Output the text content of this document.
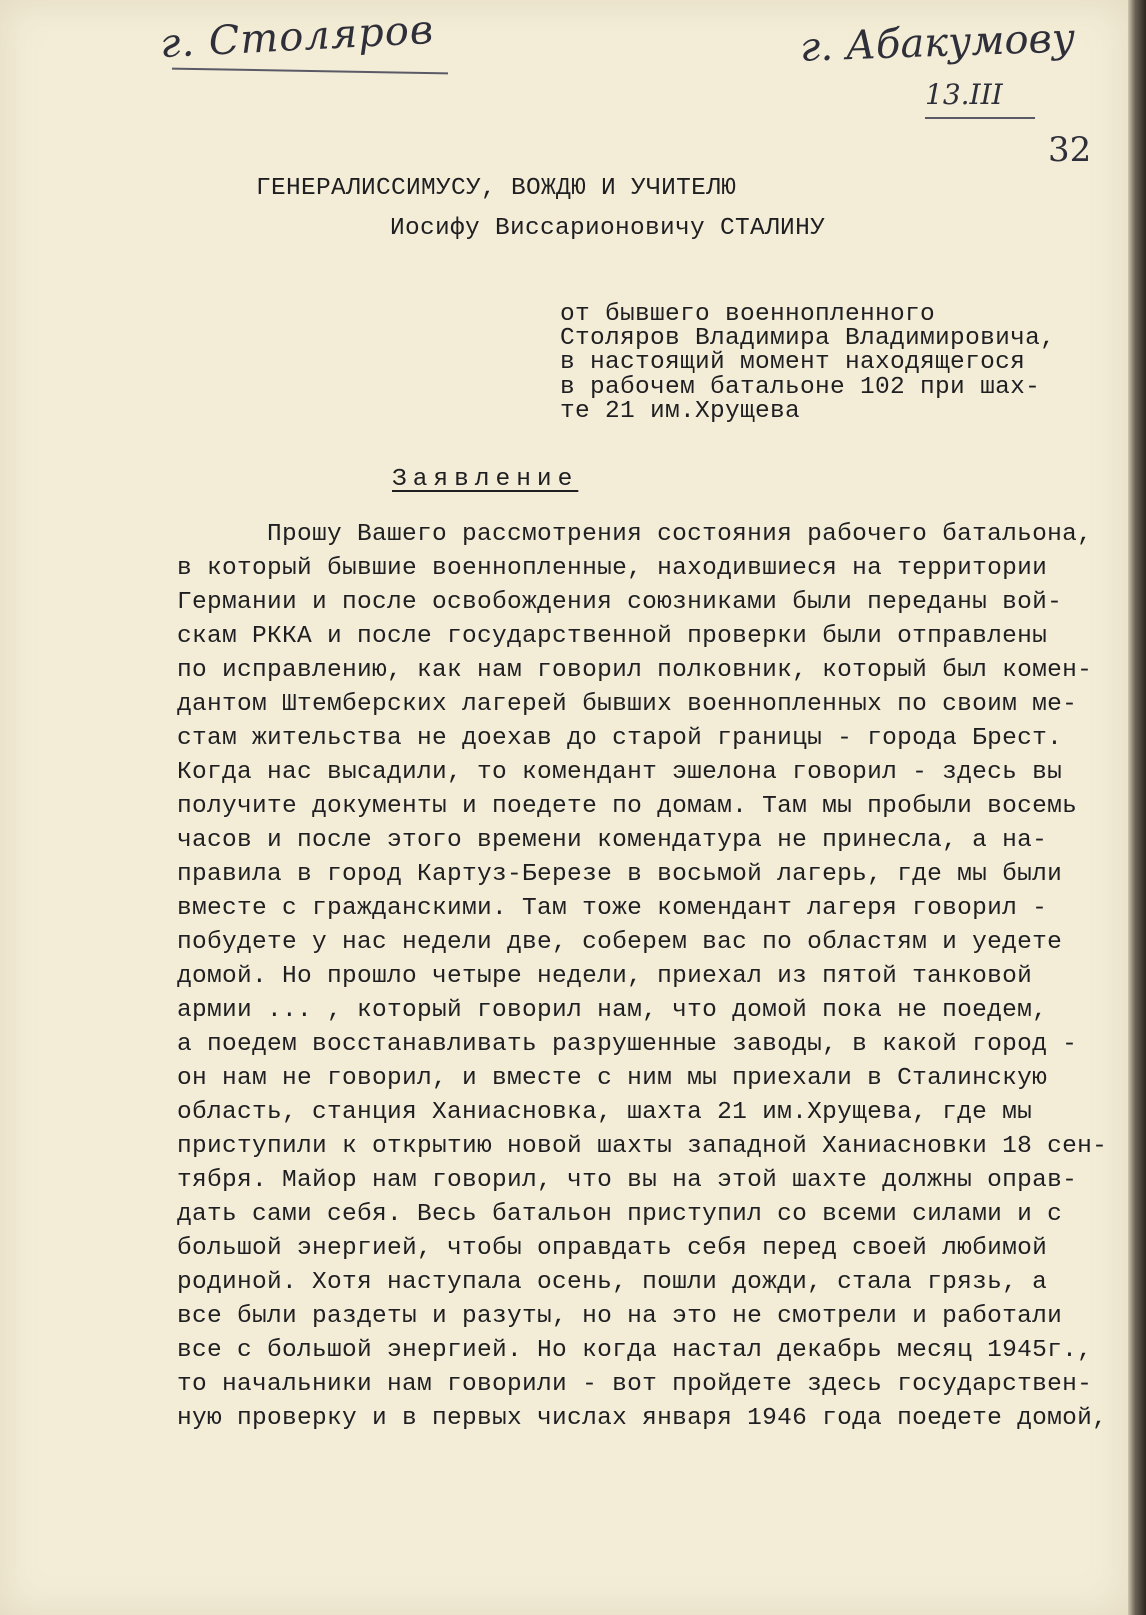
г. Столяров	г. Абакумову
13.III
32
ГЕНЕРАЛИССИМУСУ, ВОЖДЮ И УЧИТЕЛЮ
Иосифу Виссарионовичу СТАЛИНУ
от бывшего военнопленного
Столяров Владимира Владимировича,
в настоящий момент находящегося
в рабочем батальоне 102 при шах-
те 21 им.Хрущева
Заявление
Прошу Вашего рассмотрения состояния рабочего батальона,
в который бывшие военнопленные, находившиеся на территории
Германии и после освобождения союзниками были переданы вой-
скам РККА и после государственной проверки были отправлены
по исправлению, как нам говорил полковник, который был комен-
дантом Штемберских лагерей бывших военнопленных по своим ме-
стам жительства не доехав до старой границы - города Брест.
Когда нас высадили, то комендант эшелона говорил - здесь вы
получите документы и поедете по домам. Там мы пробыли восемь
часов и после этого времени комендатура не принесла, а на-
правила в город Картуз-Березе в восьмой лагерь, где мы были
вместе с гражданскими. Там тоже комендант лагеря говорил -
побудете у нас недели две, соберем вас по областям и уедете
домой. Но прошло четыре недели, приехал из пятой танковой
армии ... , который говорил нам, что домой пока не поедем,
а поедем восстанавливать разрушенные заводы, в какой город -
он нам не говорил, и вместе с ним мы приехали в Сталинскую
область, станция Ханиасновка, шахта 21 им.Хрущева, где мы
приступили к открытию новой шахты западной Ханиасновки 18 сен-
тября. Майор нам говорил, что вы на этой шахте должны оправ-
дать сами себя. Весь батальон приступил со всеми силами и с
большой энергией, чтобы оправдать себя перед своей любимой
родиной. Хотя наступала осень, пошли дожди, стала грязь, а
все были раздеты и разуты, но на это не смотрели и работали
все с большой энергией. Но когда настал декабрь месяц 1945г.,
то начальники нам говорили - вот пройдете здесь государствен-
ную проверку и в первых числах января 1946 года поедете домой,
